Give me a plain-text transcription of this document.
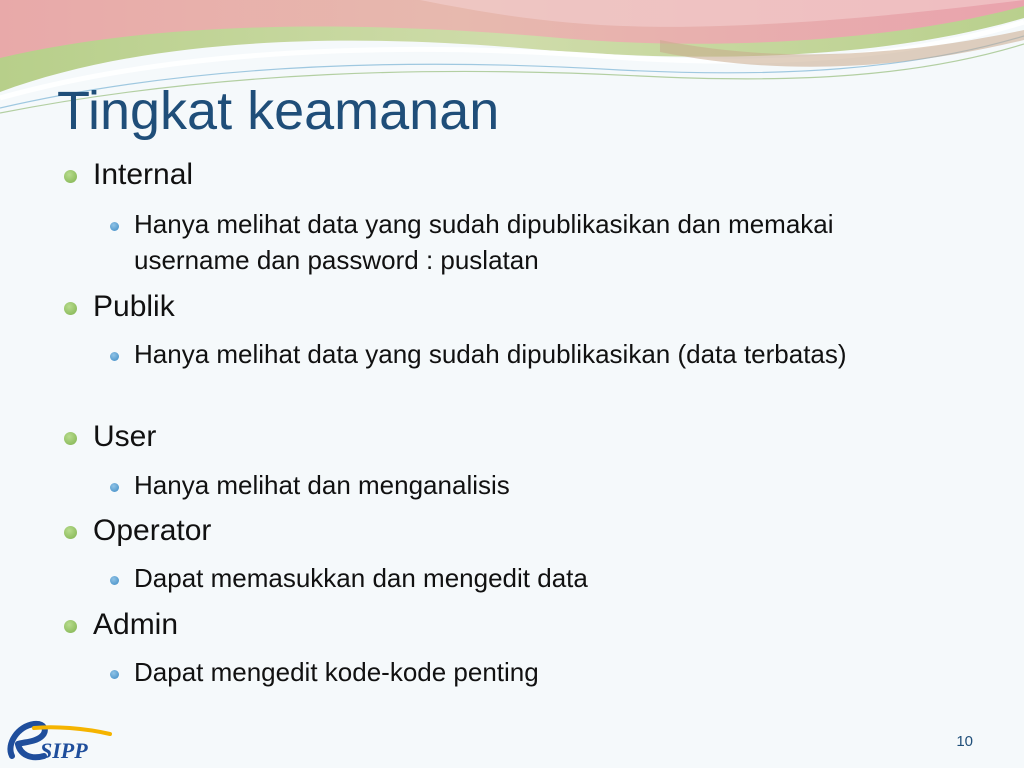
Tingkat keamanan
Internal
Hanya melihat data yang sudah dipublikasikan dan memakai username dan password : puslatan
Publik
Hanya melihat data yang sudah dipublikasikan (data terbatas)
User
Hanya melihat dan menganalisis
Operator
Dapat memasukkan dan mengedit data
Admin
Dapat mengedit kode-kode penting
SIPP	10
